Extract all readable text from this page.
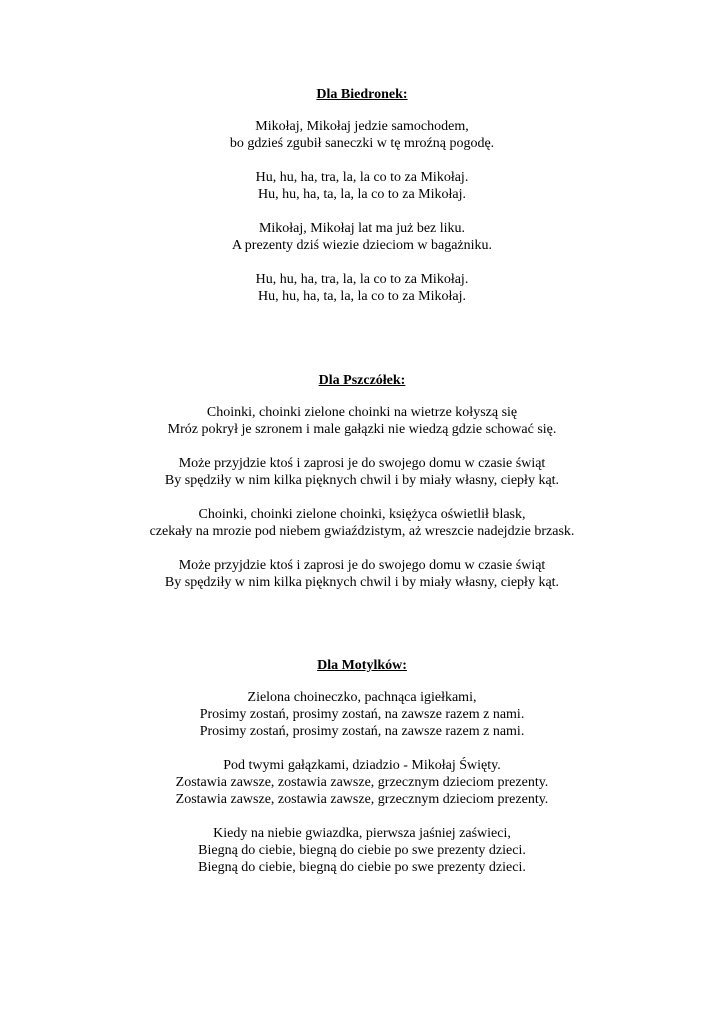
Dla Biedronek:
Mikołaj, Mikołaj jedzie samochodem,
bo gdzieś zgubił saneczki w tę mroźną pogodę.
Hu, hu, ha, tra, la, la co to za Mikołaj.
Hu, hu, ha, ta, la, la co to za Mikołaj.
Mikołaj, Mikołaj lat ma już bez liku.
A prezenty dziś wiezie dzieciom w bagażniku.
Hu, hu, ha, tra, la, la co to za Mikołaj.
Hu, hu, ha, ta, la, la co to za Mikołaj.
Dla Pszczółek:
Choinki, choinki zielone choinki na wietrze kołyszą się
Mróz pokrył je szronem i male gałązki nie wiedzą gdzie schować się.
Może przyjdzie ktoś i zaprosi je do swojego domu w czasie świąt
By spędziły w nim kilka pięknych chwil i by miały własny, ciepły kąt.
Choinki, choinki zielone choinki, księżyca oświetlił blask,
czekały na mrozie pod niebem gwiaździstym, aż wreszcie nadejdzie brzask.
Może przyjdzie ktoś i zaprosi je do swojego domu w czasie świąt
By spędziły w nim kilka pięknych chwil i by miały własny, ciepły kąt.
Dla Motylków:
Zielona choineczko, pachnąca igiełkami,
Prosimy zostań, prosimy zostań, na zawsze razem z nami.
Prosimy zostań, prosimy zostań, na zawsze razem z nami.
Pod twymi gałązkami, dziadzio - Mikołaj Święty.
Zostawia zawsze, zostawia zawsze, grzecznym dzieciom prezenty.
Zostawia zawsze, zostawia zawsze, grzecznym dzieciom prezenty.
Kiedy na niebie gwiazdka, pierwsza jaśniej zaświeci,
Biegną do ciebie, biegną do ciebie po swe prezenty dzieci.
Biegną do ciebie, biegną do ciebie po swe prezenty dzieci.
